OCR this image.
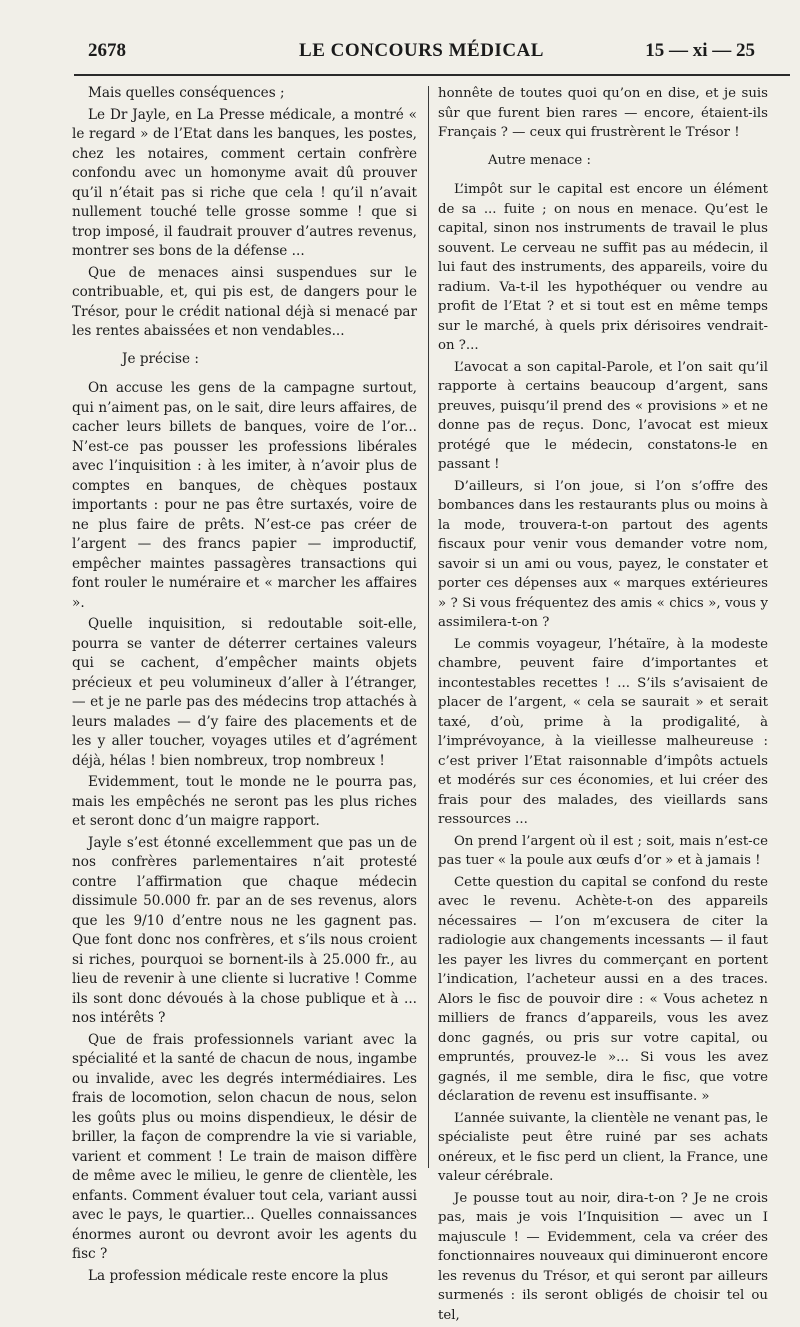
2678	LE CONCOURS MÉDICAL	15 — xi — 25

Mais quelles conséquences ;

Le Dr Jayle, en La Presse médicale, a montré « le regard » de l’Etat dans les banques, les postes, chez les notaires, comment certain confrère confondu avec un homonyme avait dû prouver qu’il n’était pas si riche que cela ! qu’il n’avait nullement touché telle grosse somme ! que si trop imposé, il faudrait prouver d’autres revenus, montrer ses bons de la défense ...

Que de menaces ainsi suspendues sur le contribuable, et, qui pis est, de dangers pour le Trésor, pour le crédit national déjà si menacé par les rentes abaissées et non vendables...

Je précise :

On accuse les gens de la campagne surtout, qui n’aiment pas, on le sait, dire leurs affaires, de cacher leurs billets de banques, voire de l’or... N’est-ce pas pousser les professions libérales avec l’inquisition : à les imiter, à n’avoir plus de comptes en banques, de chèques postaux importants : pour ne pas être surtaxés, voire de ne plus faire de prêts. N’est-ce pas créer de l’argent — des francs papier — improductif, empêcher maintes passagères transactions qui font rouler le numéraire et « marcher les affaires ».

Quelle inquisition, si redoutable soit-elle, pourra se vanter de déterrer certaines valeurs qui se cachent, d’empêcher maints objets précieux et peu volumineux d’aller à l’étranger, — et je ne parle pas des médecins trop attachés à leurs malades — d’y faire des placements et de les y aller toucher, voyages utiles et d’agrément déjà, hélas ! bien nombreux, trop nombreux !

Evidemment, tout le monde ne le pourra pas, mais les empêchés ne seront pas les plus riches et seront donc d’un maigre rapport.

Jayle s’est étonné excellemment que pas un de nos confrères parlementaires n’ait protesté contre l’affirmation que chaque médecin dissimule 50.000 fr. par an de ses revenus, alors que les 9/10 d’entre nous ne les gagnent pas. Que font donc nos confrères, et s’ils nous croient si riches, pourquoi se bornent-ils à 25.000 fr., au lieu de revenir à une cliente si lucrative ! Comme ils sont donc dévoués à la chose publique et à ... nos intérêts ?

Que de frais professionnels variant avec la spécialité et la santé de chacun de nous, ingambe ou invalide, avec les degrés intermédiaires. Les frais de locomotion, selon chacun de nous, selon les goûts plus ou moins dispendieux, le désir de briller, la façon de comprendre la vie si variable, varient et comment ! Le train de maison diffère de même avec le milieu, le genre de clientèle, les enfants. Comment évaluer tout cela, variant aussi avec le pays, le quartier... Quelles connaissances énormes auront ou devront avoir les agents du fisc ?

La profession médicale reste encore la plus

honnête de toutes quoi qu’on en dise, et je suis sûr que furent bien rares — encore, étaient-ils Français ? — ceux qui frustrèrent le Trésor !

Autre menace :

L’impôt sur le capital est encore un élément de sa ... fuite ; on nous en menace. Qu’est le capital, sinon nos instruments de travail le plus souvent. Le cerveau ne suffit pas au médecin, il lui faut des instruments, des appareils, voire du radium. Va-t-il les hypothéquer ou vendre au profit de l’Etat ? et si tout est en même temps sur le marché, à quels prix dérisoires vendrait-on ?...

L’avocat a son capital-Parole, et l’on sait qu’il rapporte à certains beaucoup d’argent, sans preuves, puisqu’il prend des « provisions » et ne donne pas de reçus. Donc, l’avocat est mieux protégé que le médecin, constatons-le en passant !

D’ailleurs, si l’on joue, si l’on s’offre des bombances dans les restaurants plus ou moins à la mode, trouvera-t-on partout des agents fiscaux pour venir vous demander votre nom, savoir si un ami ou vous, payez, le constater et porter ces dépenses aux « marques extérieures » ? Si vous fréquentez des amis « chics », vous y assimilera-t-on ?

Le commis voyageur, l’hétaïre, à la modeste chambre, peuvent faire d’importantes et incontestables recettes ! ... S’ils s’avisaient de placer de l’argent, « cela se saurait » et serait taxé, d’où, prime à la prodigalité, à l’imprévoyance, à la vieillesse malheureuse : c’est priver l’Etat raisonnable d’impôts actuels et modérés sur ces économies, et lui créer des frais pour des malades, des vieillards sans ressources ...

On prend l’argent où il est ; soit, mais n’est-ce pas tuer « la poule aux œufs d’or » et à jamais !

Cette question du capital se confond du reste avec le revenu. Achète-t-on des appareils nécessaires — l’on m’excusera de citer la radiologie aux changements incessants — il faut les payer les livres du commerçant en portent l’indication, l’acheteur aussi en a des traces. Alors le fisc de pouvoir dire : « Vous achetez n milliers de francs d’appareils, vous les avez donc gagnés, ou pris sur votre capital, ou empruntés, prouvez-le »... Si vous les avez gagnés, il me semble, dira le fisc, que votre déclaration de revenu est insuffisante. »

L’année suivante, la clientèle ne venant pas, le spécialiste peut être ruiné par ses achats onéreux, et le fisc perd un client, la France, une valeur cérébrale.

Je pousse tout au noir, dira-t-on ? Je ne crois pas, mais je vois l’Inquisition — avec un I majuscule ! — Evidemment, cela va créer des fonctionnaires nouveaux qui diminueront encore les revenus du Trésor, et qui seront par ailleurs surmenés : ils seront obligés de choisir tel ou tel,
